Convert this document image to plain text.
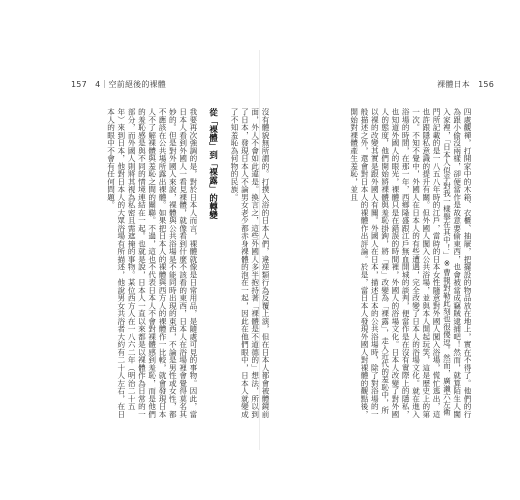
157　4｜空前絕後的裸體	裸體日本　156
四處觀禪，打開家中的木箱、衣櫃、抽屜，把擺設的物品放在地上，實在不得了。他們的行為跟小偷沒兩樣，卻便當作是故意要偷東西，也會被當成竊賊逮捕吧！然而，就算陌生人闖入家裡，「日本人似乎對我一樣舉在其中！」※曹報對勒此刻也很傻逗。然而，廣瀨六左衛門所記載的是一八五八年時的江戶，當時的日本女性隨意對外國人闖入浴場，慌忙逃出，這也許跟隱私意識的提升有關。但外國人闖入公共浴場，並與本人開起玩笑，這是歷史上的第一次。不知不覺中，外國人在日本人的有些遭遇，完全改變了日本人的浴場文化。就在進入浴場的時間，在那一年，西鄉隆盛跟江戶無血開城的談判，便當作是在沒有實際上的隱私，也知道外國人的眼光，裸體只是在錯誤的時間裡，外國人的浴場文化。日本人改變了對外國人的態度，他們開始將裸體與羞恥掛鉤，將「裸」改變為「裸露」，走入近代的羞恥中，所以裸的改變其實是跟外國人有關。外國人在日本，描述日本的公共浴場時，除了對浴場的一般描述之外，還會對日本人的裸體作出評論。於是，當日本人發現外國人對裸體的觀點後，開始對裸體產生羞恥，並且
沒有體貌無所謂的。打撲入浴的日本人們，違逆類行為反覆上演，但在日本人都會被體鏡前面，外人不會如此違是。換言之，這些外國人多半抱持著「裸體是不道德的」想法，所以到了日本，發現日本人不論男女老少都赤身裸體的泡在一起，因此在他們眼中，日本人就變成了不知羞恥為何物的民族。

從「裸體」到「裸露」的轉變

我要再次強調的是，對於日本人而言，裸體就像是日常用品，是隨處可見的事物。因此，當日本人看到外國人一看見裸體，就像看到什麼不該看的東西，日本人在浴場裡會覺得莫名其妙的。但是對外國人來說，裸體與公共浴場是不能同時出現的東西，不論是男性或女性，都不應該在公共場所露出裸體。如果把日本人的裸體與西方人的裸體作一比較，就會發現日本人不了解裸體與羞恥之間的關聯。不過，這也不代表日本人不會對裸體感到羞恥，而是他們的羞恥感是與不同的情境連結在一起。也就是說，日本人一直以來都是以裸體作為日常的一部分，而外國人則將其視為私密且需遮掩的事物。某位西方人在一八六二年（明治二十五年）來到日本，他對日本人的大眾浴場有所描述，他說男女共浴者大約有二十人左右，在日本人的眼中不會有任何問題。
